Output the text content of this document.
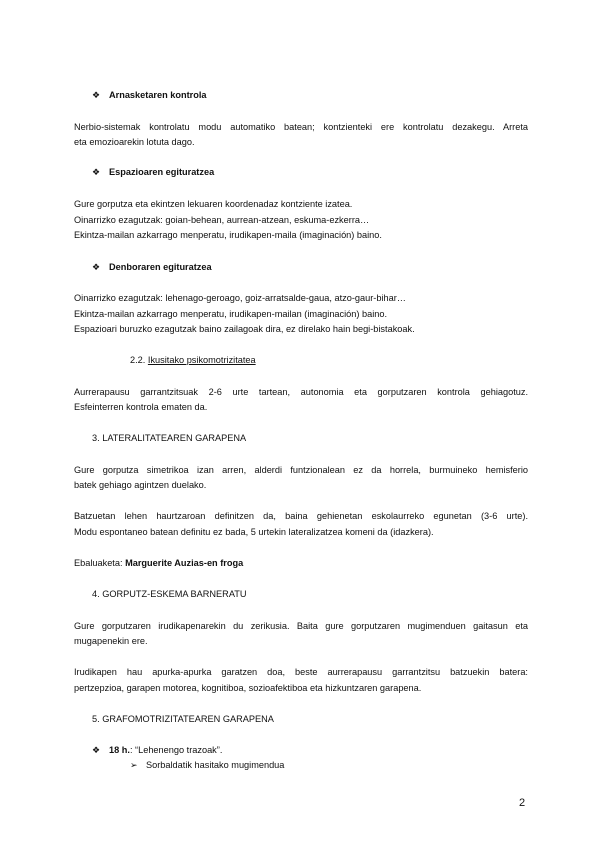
❖ Arnasketaren kontrola
Nerbio-sistemak kontrolatu modu automatiko batean; kontzienteki ere kontrolatu dezakegu. Arreta
eta emozioarekin lotuta dago.
❖ Espazioaren egituratzea
Gure gorputza eta ekintzen lekuaren koordenadaz kontziente izatea.
Oinarrizko ezagutzak: goian-behean, aurrean-atzean, eskuma-ezkerra…
Ekintza-mailan azkarrago menperatu, irudikapen-maila (imaginación) baino.
❖ Denboraren egituratzea
Oinarrizko ezagutzak: lehenago-geroago, goiz-arratsalde-gaua, atzo-gaur-bihar…
Ekintza-mailan azkarrago menperatu, irudikapen-mailan (imaginación) baino.
Espazioari buruzko ezagutzak baino zailagoak dira, ez direlako hain begi-bistakoak.
2.2. Ikusitako psikomotrizitatea
Aurrerapausu garrantzitsuak 2-6 urte tartean, autonomia eta gorputzaren kontrola gehiagotuz.
Esfeinterren kontrola ematen da.
3. LATERALITATEAREN GARAPENA
Gure gorputza simetrikoa izan arren, alderdi funtzionalean ez da horrela, burmuineko hemisferio
batek gehiago agintzen duelako.
Batzuetan lehen haurtzaroan definitzen da, baina gehienetan eskolaurreko egunetan (3-6 urte).
Modu espontaneo batean definitu ez bada, 5 urtekin lateralizatzea komeni da (idazkera).
Ebaluaketa: Marguerite Auzias-en froga
4. GORPUTZ-ESKEMA BARNERATU
Gure gorputzaren irudikapenarekin du zerikusia. Baita gure gorputzaren mugimenduen gaitasun eta
mugapenekin ere.
Irudikapen hau apurka-apurka garatzen doa, beste aurrerapausu garrantzitsu batzuekin batera:
pertzepzioa, garapen motorea, kognitiboa, sozioafektiboa eta hizkuntzaren garapena.
5. GRAFOMOTRIZITATEAREN GARAPENA
❖ 18 h.: “Lehenengo trazoak”.
➢ Sorbaldatik hasitako mugimendua
2
